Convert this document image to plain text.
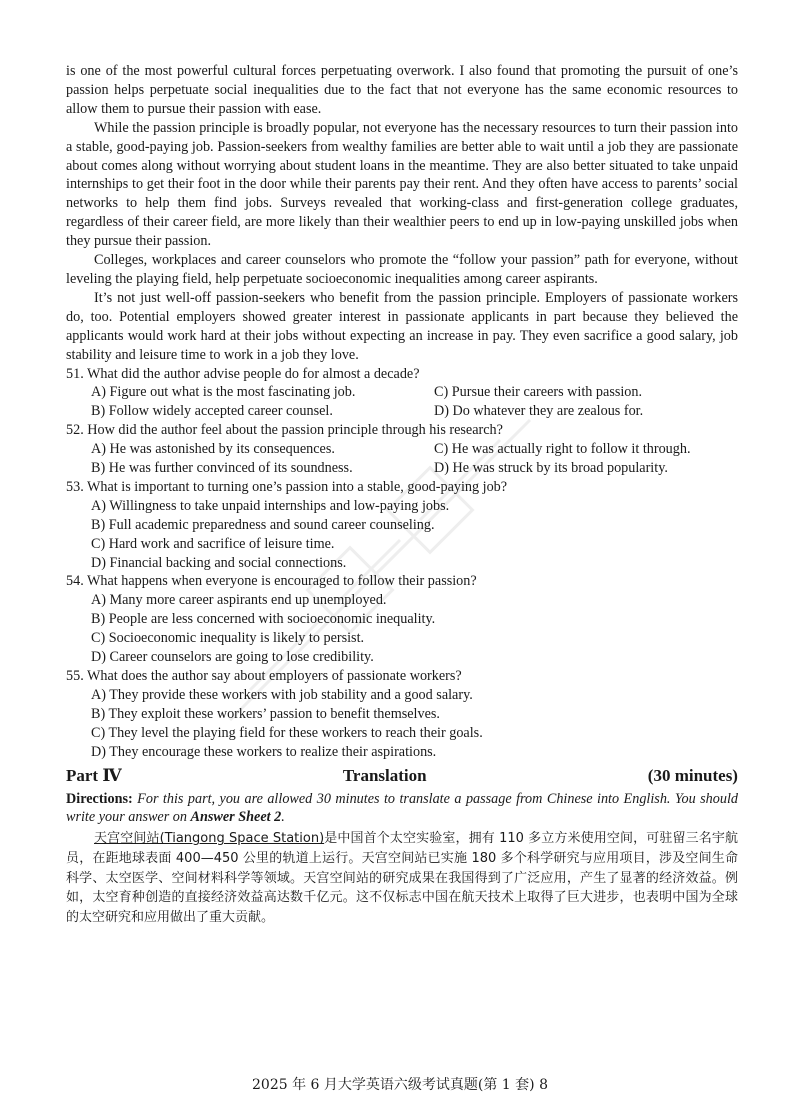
is one of the most powerful cultural forces perpetuating overwork. I also found that promoting the pursuit of one’s passion helps perpetuate social inequalities due to the fact that not everyone has the same economic resources to allow them to pursue their passion with ease.

While the passion principle is broadly popular, not everyone has the necessary resources to turn their passion into a stable, good-paying job. Passion-seekers from wealthy families are better able to wait until a job they are passionate about comes along without worrying about student loans in the meantime. They are also better situated to take unpaid internships to get their foot in the door while their parents pay their rent. And they often have access to parents’ social networks to help them find jobs. Surveys revealed that working-class and first-generation college graduates, regardless of their career field, are more likely than their wealthier peers to end up in low-paying unskilled jobs when they pursue their passion.

Colleges, workplaces and career counselors who promote the “follow your passion” path for everyone, without leveling the playing field, help perpetuate socioeconomic inequalities among career aspirants.

It’s not just well-off passion-seekers who benefit from the passion principle. Employers of passionate workers do, too. Potential employers showed greater interest in passionate applicants in part because they believed the applicants would work hard at their jobs without expecting an increase in pay. They even sacrifice a good salary, job stability and leisure time to work in a job they love.

51. What did the author advise people do for almost a decade?
A) Figure out what is the most fascinating job.	C) Pursue their careers with passion.
B) Follow widely accepted career counsel.	D) Do whatever they are zealous for.
52. How did the author feel about the passion principle through his research?
A) He was astonished by its consequences.	C) He was actually right to follow it through.
B) He was further convinced of its soundness.	D) He was struck by its broad popularity.
53. What is important to turning one’s passion into a stable, good-paying job?
A) Willingness to take unpaid internships and low-paying jobs.
B) Full academic preparedness and sound career counseling.
C) Hard work and sacrifice of leisure time.
D) Financial backing and social connections.
54. What happens when everyone is encouraged to follow their passion?
A) Many more career aspirants end up unemployed.
B) People are less concerned with socioeconomic inequality.
C) Socioeconomic inequality is likely to persist.
D) Career counselors are going to lose credibility.
55. What does the author say about employers of passionate workers?
A) They provide these workers with job stability and a good salary.
B) They exploit these workers’ passion to benefit themselves.
C) They level the playing field for these workers to reach their goals.
D) They encourage these workers to realize their aspirations.
Part Ⅳ	Translation	(30 minutes)

Directions: For this part, you are allowed 30 minutes to translate a passage from Chinese into English. You should write your answer on Answer Sheet 2.

天宫空间站(Tiangong Space Station)是中国首个太空实验室，拥有 110 多立方米使用空间，可驻留三名宇航员，在距地球表面 400—450 公里的轨道上运行。天宫空间站已实施 180 多个科学研究与应用项目，涉及空间生命科学、太空医学、空间材料科学等领域。天宫空间站的研究成果在我国得到了广泛应用，产生了显著的经济效益。例如，太空育种创造的直接经济效益高达数千亿元。这不仅标志中国在航天技术上取得了巨大进步，也表明中国为全球的太空研究和应用做出了重大贡献。

2025 年 6 月大学英语六级考试真题(第 1 套) 8
